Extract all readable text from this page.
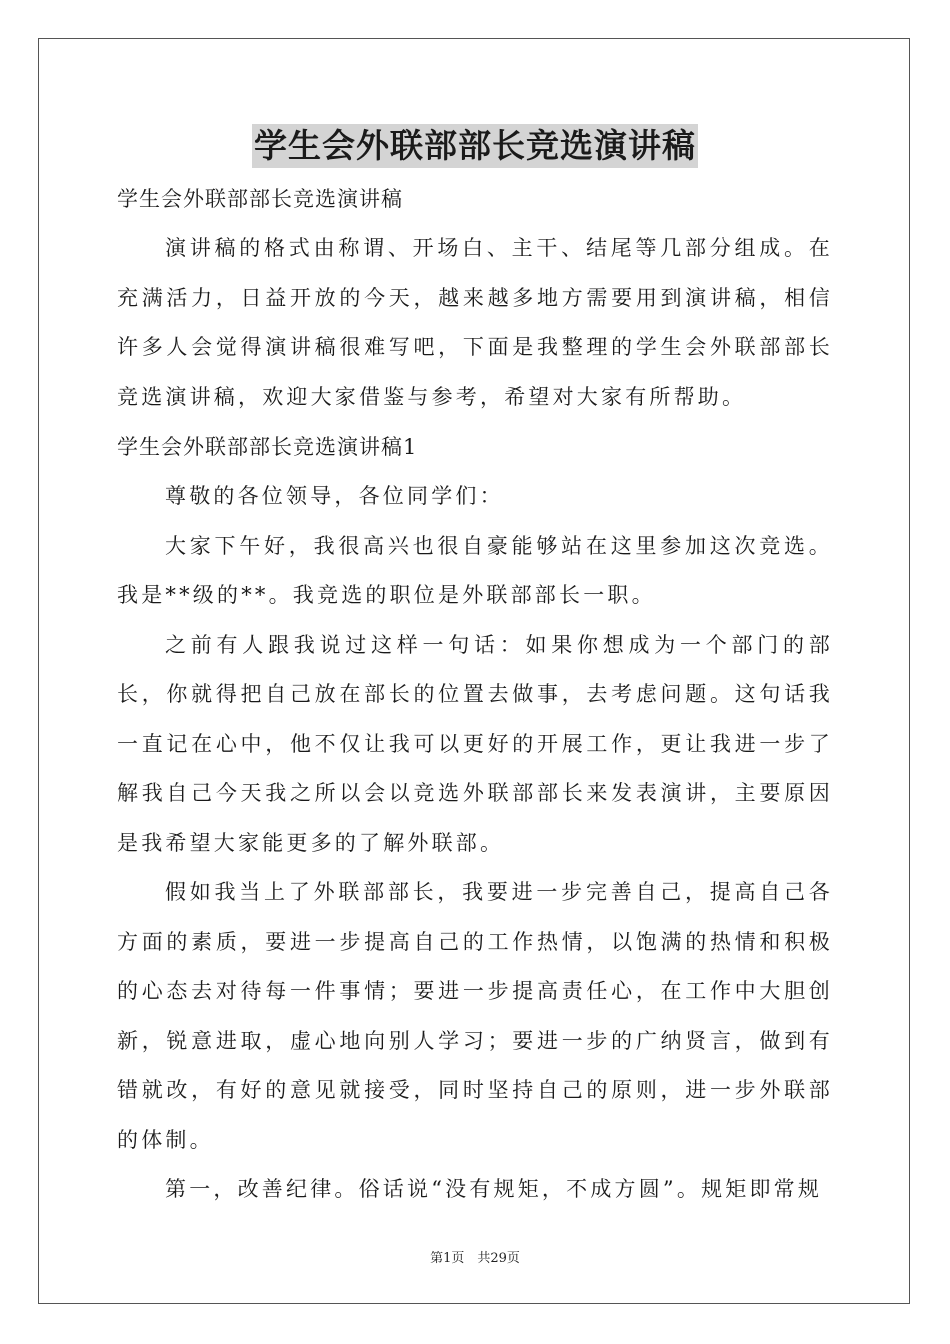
学生会外联部部长竞选演讲稿

学生会外联部部长竞选演讲稿

演讲稿的格式由称谓、开场白、主干、结尾等几部分组成。在充满活力，日益开放的今天，越来越多地方需要用到演讲稿，相信许多人会觉得演讲稿很难写吧，下面是我整理的学生会外联部部长竞选演讲稿，欢迎大家借鉴与参考，希望对大家有所帮助。

学生会外联部部长竞选演讲稿1

尊敬的各位领导，各位同学们：

大家下午好，我很高兴也很自豪能够站在这里参加这次竞选。我是**级的**。我竞选的职位是外联部部长一职。

之前有人跟我说过这样一句话：如果你想成为一个部门的部长，你就得把自己放在部长的位置去做事，去考虑问题。这句话我一直记在心中，他不仅让我可以更好的开展工作，更让我进一步了解我自己今天我之所以会以竞选外联部部长来发表演讲，主要原因是我希望大家能更多的了解外联部。

假如我当上了外联部部长，我要进一步完善自己，提高自己各方面的素质，要进一步提高自己的工作热情，以饱满的热情和积极的心态去对待每一件事情；要进一步提高责任心，在工作中大胆创新，锐意进取，虚心地向别人学习；要进一步的广纳贤言，做到有错就改，有好的意见就接受，同时坚持自己的原则，进一步外联部的体制。

第一，改善纪律。俗话说“没有规矩，不成方圆”。规矩即常规

第1页　共29页
